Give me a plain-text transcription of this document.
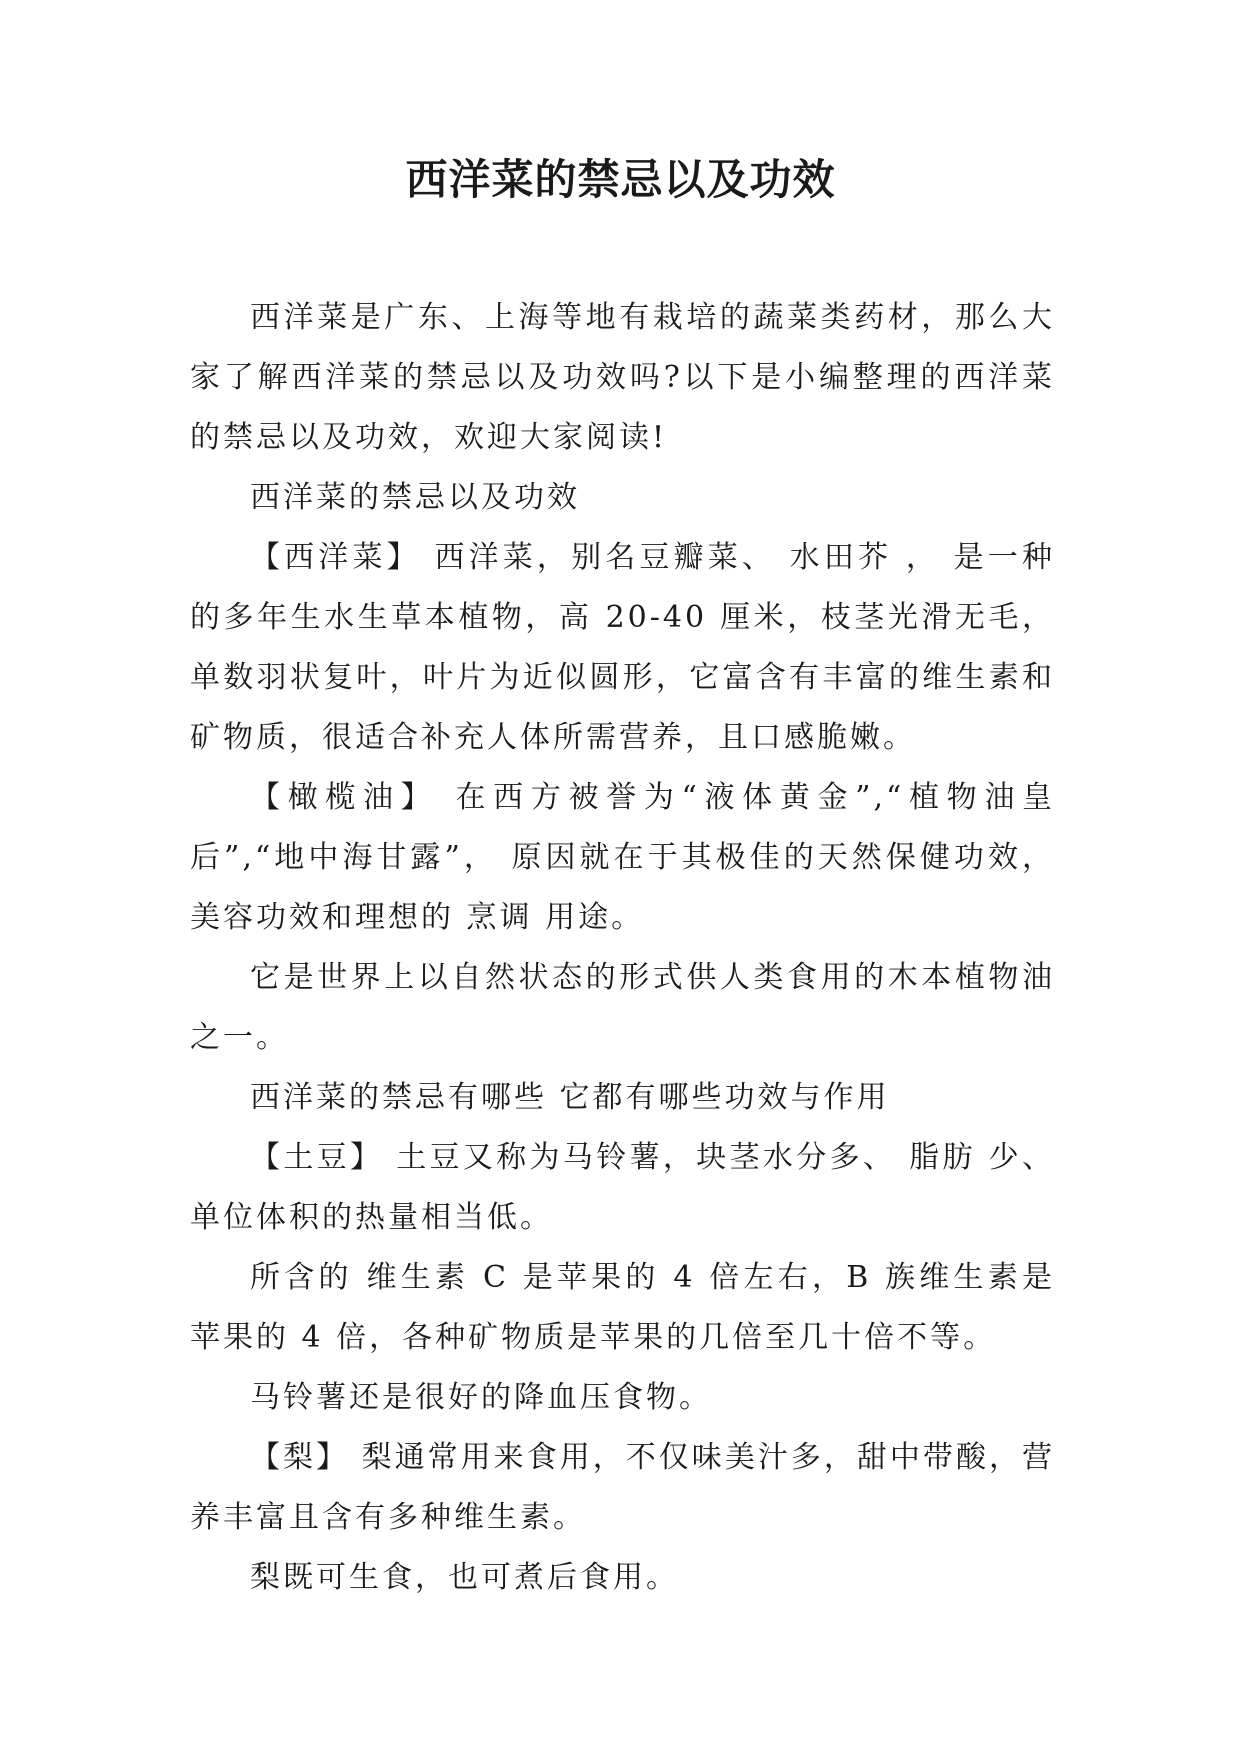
西洋菜的禁忌以及功效

西洋菜是广东、上海等地有栽培的蔬菜类药材，那么大家了解西洋菜的禁忌以及功效吗?以下是小编整理的西洋菜的禁忌以及功效，欢迎大家阅读!

西洋菜的禁忌以及功效

【西洋菜】 西洋菜，别名豆瓣菜、 水田芥 ， 是一种的多年生水生草本植物，高 20-40 厘米，枝茎光滑无毛，单数羽状复叶，叶片为近似圆形，它富含有丰富的维生素和矿物质，很适合补充人体所需营养，且口感脆嫩。

【橄榄油】 在西方被誉为“液体黄金”,“植物油皇后”,“地中海甘露”， 原因就在于其极佳的天然保健功效，美容功效和理想的 烹调 用途。

它是世界上以自然状态的形式供人类食用的木本植物油之一。

西洋菜的禁忌有哪些 它都有哪些功效与作用

【土豆】 土豆又称为马铃薯，块茎水分多、 脂肪 少、单位体积的热量相当低。

所含的 维生素 C 是苹果的 4 倍左右，B 族维生素是苹果的 4 倍，各种矿物质是苹果的几倍至几十倍不等。

马铃薯还是很好的降血压食物。

【梨】 梨通常用来食用，不仅味美汁多，甜中带酸，营养丰富且含有多种维生素。

梨既可生食，也可煮后食用。
